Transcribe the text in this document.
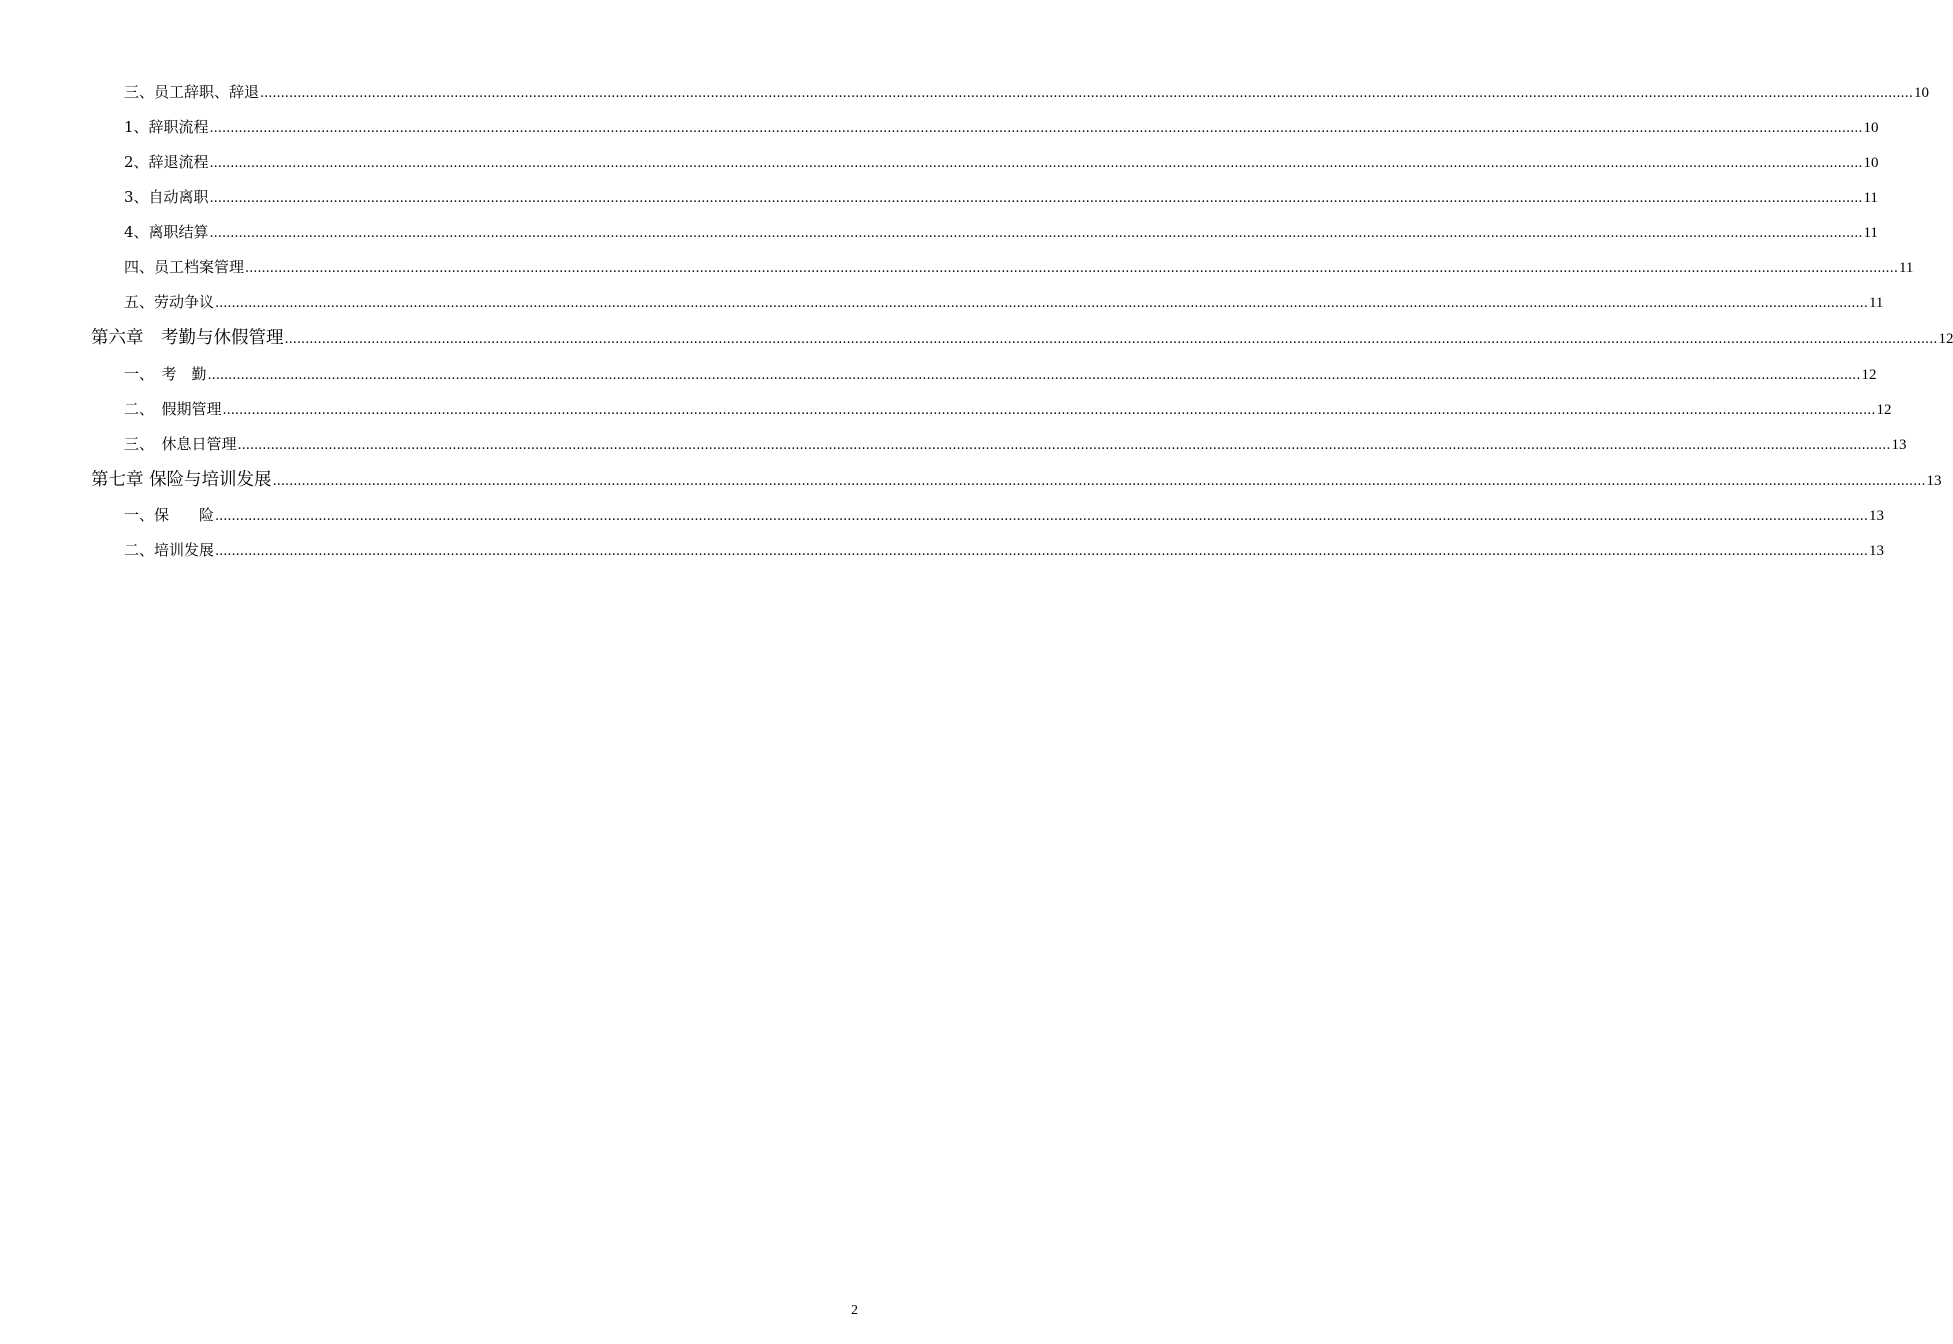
三、员工辞职、辞退 ................................................................................................................................................................................................................................................................................................................................................................................................................ 10
1、辞职流程 ................................................................................................................................................................................................................................................................................................................................................................................................................ 10
2、辞退流程 ................................................................................................................................................................................................................................................................................................................................................................................................................ 10
3、自动离职 ................................................................................................................................................................................................................................................................................................................................................................................................................ 11
4、离职结算 ................................................................................................................................................................................................................................................................................................................................................................................................................ 11
四、员工档案管理 ................................................................................................................................................................................................................................................................................................................................................................................................................ 11
五、劳动争议 ................................................................................................................................................................................................................................................................................................................................................................................................................ 11
第六章　考勤与休假管理 ................................................................................................................................................................................................................................................................................................................................................................................................................ 12
一、　考　勤 ................................................................................................................................................................................................................................................................................................................................................................................................................ 12
二、　假期管理 ................................................................................................................................................................................................................................................................................................................................................................................................................ 12
三、　休息日管理 ................................................................................................................................................................................................................................................................................................................................................................................................................ 13
第七章 保险与培训发展 ................................................................................................................................................................................................................................................................................................................................................................................................................ 13
一、保　　险 ................................................................................................................................................................................................................................................................................................................................................................................................................ 13
二、培训发展 ................................................................................................................................................................................................................................................................................................................................................................................................................ 13
2
